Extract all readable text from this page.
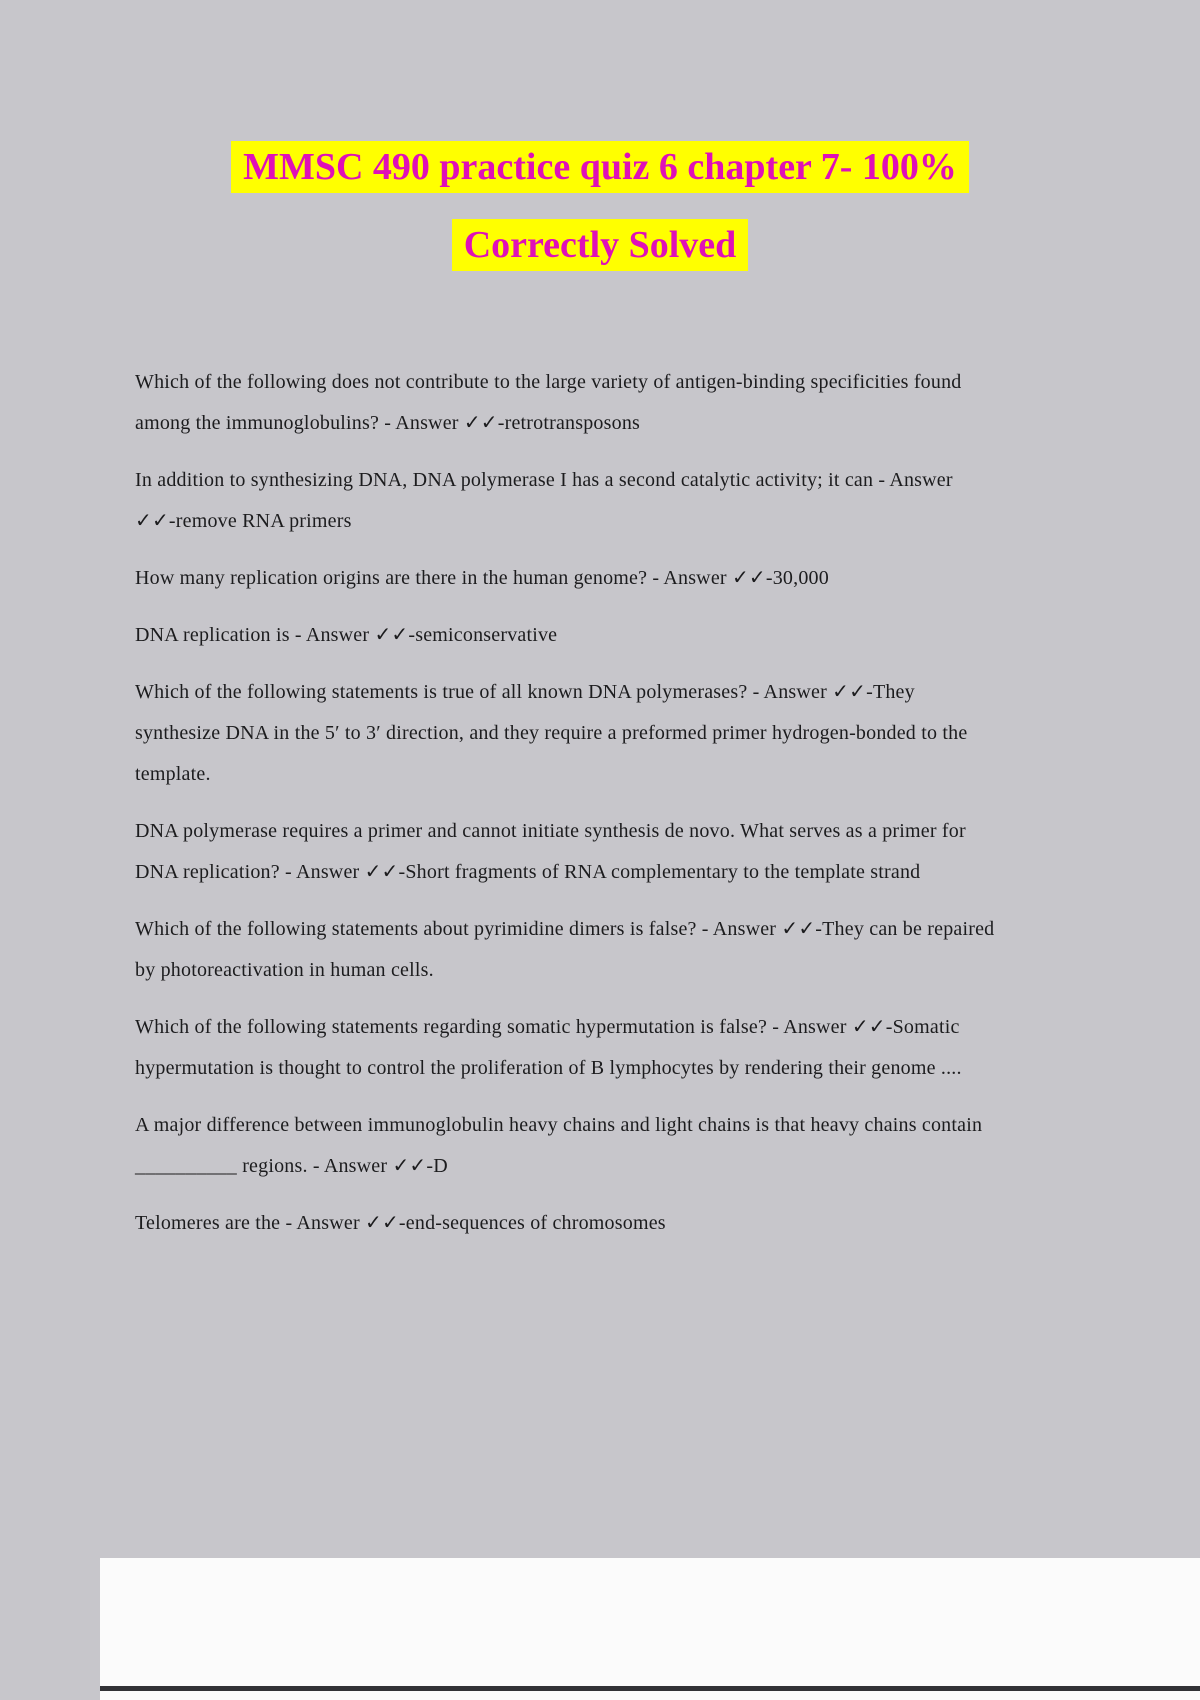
MMSC 490 practice quiz 6 chapter 7- 100%
Correctly Solved

Which of the following does not contribute to the large variety of antigen-binding specificities found among the immunoglobulins? - Answer ✓✓-retrotransposons

In addition to synthesizing DNA, DNA polymerase I has a second catalytic activity; it can - Answer ✓✓-remove RNA primers

How many replication origins are there in the human genome? - Answer ✓✓-30,000

DNA replication is - Answer ✓✓-semiconservative

Which of the following statements is true of all known DNA polymerases? - Answer ✓✓-They synthesize DNA in the 5′ to 3′ direction, and they require a preformed primer hydrogen-bonded to the template.

DNA polymerase requires a primer and cannot initiate synthesis de novo. What serves as a primer for DNA replication? - Answer ✓✓-Short fragments of RNA complementary to the template strand

Which of the following statements about pyrimidine dimers is false? - Answer ✓✓-They can be repaired by photoreactivation in human cells.

Which of the following statements regarding somatic hypermutation is false? - Answer ✓✓-Somatic hypermutation is thought to control the proliferation of B lymphocytes by rendering their genome ....

A major difference between immunoglobulin heavy chains and light chains is that heavy chains contain __________ regions. - Answer ✓✓-D

Telomeres are the - Answer ✓✓-end-sequences of chromosomes
